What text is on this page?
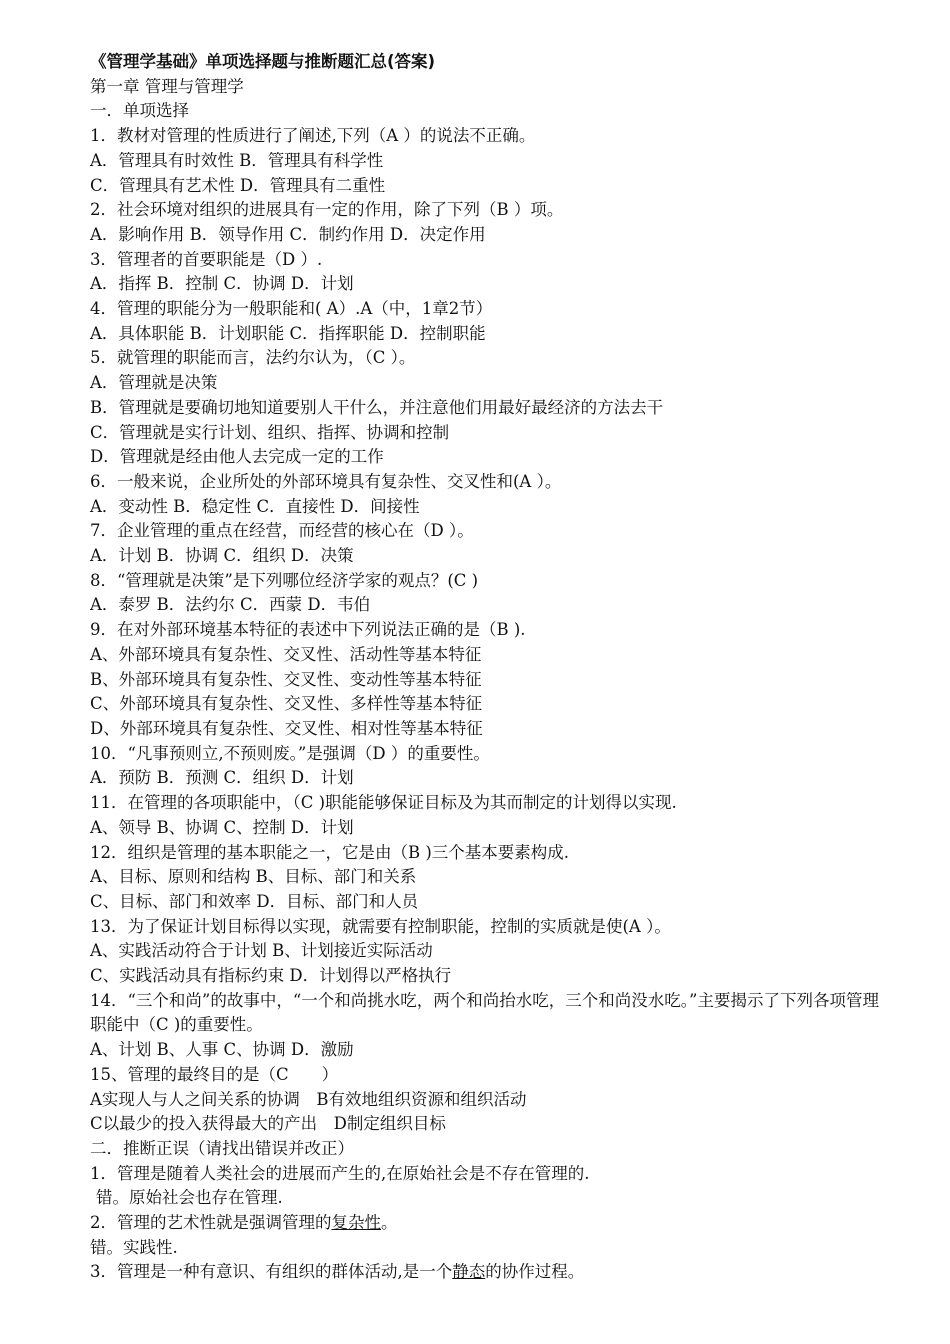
《管理学基础》单项选择题与推断题汇总(答案)
第一章 管理与管理学
一．单项选择
1．教材对管理的性质进行了阐述,下列（A ）的说法不正确。
A．管理具有时效性 B．管理具有科学性
C．管理具有艺术性 D．管理具有二重性
2．社会环境对组织的进展具有一定的作用，除了下列（B ）项。
A．影响作用 B．领导作用 C．制约作用 D．决定作用
3．管理者的首要职能是（D ）.
A．指挥 B．控制 C．协调 D．计划
4．管理的职能分为一般职能和( A）.A（中，1章2节）
A．具体职能 B．计划职能 C．指挥职能 D．控制职能
5．就管理的职能而言，法约尔认为，（C ）。
A．管理就是决策
B．管理就是要确切地知道要别人干什么，并注意他们用最好最经济的方法去干
C．管理就是实行计划、组织、指挥、协调和控制
D．管理就是经由他人去完成一定的工作
6．一般来说，企业所处的外部环境具有复杂性、交叉性和(A ）。
A．变动性 B．稳定性 C．直接性 D．间接性
7．企业管理的重点在经营，而经营的核心在（D ）。
A．计划 B．协调 C．组织 D．决策
8．“管理就是决策”是下列哪位经济学家的观点？(C )
A．泰罗 B．法约尔 C．西蒙 D．韦伯
9．在对外部环境基本特征的表述中下列说法正确的是（B ).
A、外部环境具有复杂性、交叉性、活动性等基本特征
B、外部环境具有复杂性、交叉性、变动性等基本特征
C、外部环境具有复杂性、交叉性、多样性等基本特征
D、外部环境具有复杂性、交叉性、相对性等基本特征
10．“凡事预则立,不预则废。”是强调（D ）的重要性。
A．预防 B．预测 C．组织 D．计划
11．在管理的各项职能中，（C )职能能够保证目标及为其而制定的计划得以实现.
A、领导 B、协调 C、控制 D．计划
12．组织是管理的基本职能之一，它是由（B )三个基本要素构成.
A、目标、原则和结构 B、目标、部门和关系
C、目标、部门和效率 D．目标、部门和人员
13．为了保证计划目标得以实现，就需要有控制职能，控制的实质就是使(A ）。
A、实践活动符合于计划 B、计划接近实际活动
C、实践活动具有指标约束 D．计划得以严格执行
14．“三个和尚”的故事中，“一个和尚挑水吃，两个和尚抬水吃，三个和尚没水吃。”主要揭示了下列各项管理职能中（C )的重要性。
A、计划 B、人事 C、协调 D．激励
15、管理的最终目的是（C　　）
A实现人与人之间关系的协调　B有效地组织资源和组织活动
C以最少的投入获得最大的产出　D制定组织目标
二．推断正误（请找出错误并改正）
1．管理是随着人类社会的进展而产生的,在原始社会是不存在管理的.
错。原始社会也存在管理.
2．管理的艺术性就是强调管理的复杂性。
错。实践性.
3．管理是一种有意识、有组织的群体活动,是一个静态的协作过程。
